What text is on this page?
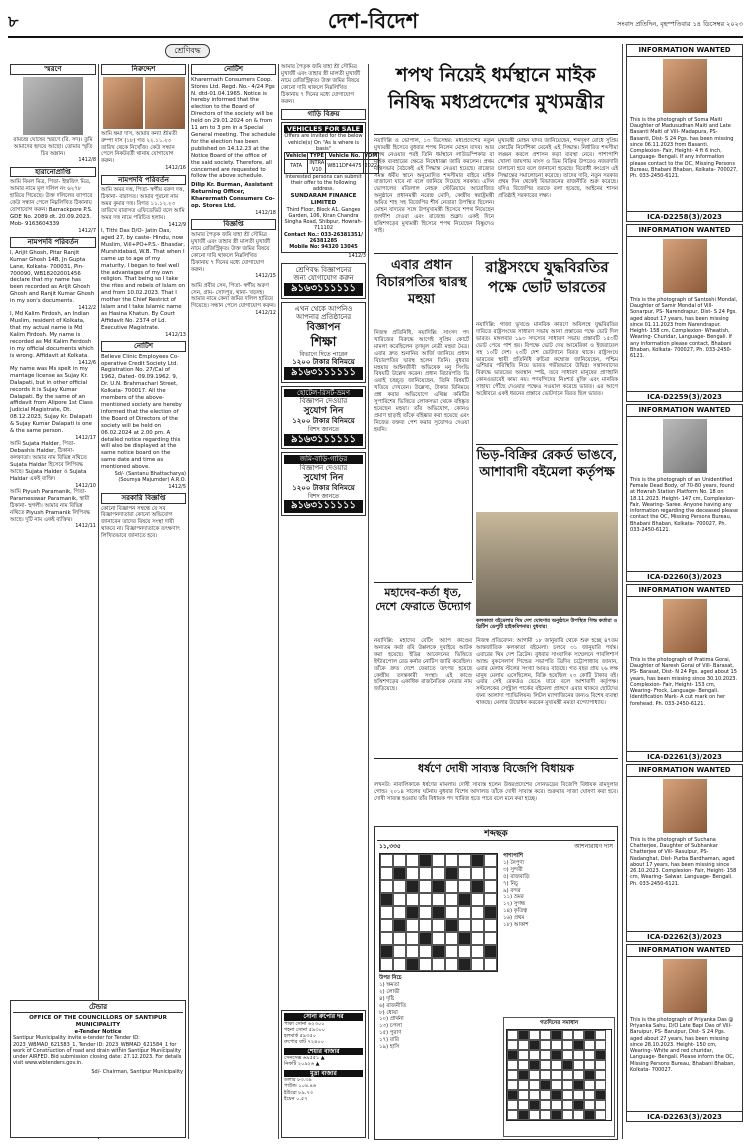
৮	দেশ-বিদেশ	সংবাদ প্রতিদিন, বৃহস্পতিবার ১৪ ডিসেম্বর ২০২৩
শ্রেণিবদ্ধ
স্মরণে
রামচন্দ্র ঘোষের স্মরণে (রি. সদ)। তুমি আমাদের হৃদয়ে আছো। তোমার স্মৃতি চির অম্লান।
1412/8
হারানোপ্রাপ্তি
আমি বিমল মিত্র, পিতা- ইন্দ্রজিৎ মিত্র, আমার নামে মূল দলিল নং ৬২৭৮ হারিয়ে গিয়েছে। উক্ত দলিলের ব্যাপারে কেউ সন্ধান পেলে নিম্নলিখিত ঠিকানায় যোগাযোগ করুন। Barrackpore P.S. GDE No. 2089 dt. 20.09.2023.
Mob- 9163604339
1412/7
নামপদবি পরিবর্তন
I, Arijit Ghosh, Pitar Ranjit Kumar Ghosh 14B, Jn Gupta Lane, Kolkata- 700031, Pin- 700090, WB18202001456 declare that my name has been recorded as Arijit Ghosh Ghosh and Ranjit Kumar Ghosh in my son's documents.
1412/2
I, Md Kalim Firdosh, an Indian Muslim, resident of Kolkata, that my actual name is Md Kalim Firdosh. My name is recorded as Md Kalim Ferdosh in my official documents which is wrong. Affidavit at Kolkata.
1412/6
My name was Ms spelt in my marriage license as Sujay Kr. Dalapati, but in other official records it is Sujay Kumar Dalapati. By the same of an affidavit from Alipore 1st Class Judicial Magistrate, Dt. 08.12.2023, Sujay Kr. Dalapati & Sujay Kumar Dalapati is one & the same person.
1412/17
আমি Sujata Halder, পিতা- Debashis Halder, ঠিকানা- কলকাতা। আমার নাম বিভিন্ন নথিতে Sujata Haldar হিসেবে লিপিবদ্ধ আছে। Sujata Halder ও Sujata Haldar একই ব্যক্তি।
1412/10
আমি Piyush Paramanik, পিতা- Paramesswar Paramanik, স্থায়ী ঠিকানা- হুগলী। আমার নাম বিভিন্ন নথিতে Piyush Pramanik লিপিবদ্ধ আছে। দুটি নাম একই ব্যক্তির।
1412/11
নিরুদ্দেশ
আমি ক্ষমা দাস, আমার কন্যা শ্রীমতী রুম্পা দাস (১৮) গত ২২.১১.২৩ তারিখ থেকে নিখোঁজ। কেউ সন্ধান পেলে নিকটবর্তী থানায় যোগাযোগ করুন।
1412/16
নামপদবি পরিবর্তন
আমি অমর দত্ত, পিতা- স্বর্গীয় বরুণ দত্ত, ঠিকানা- বারাসত। আমার পুরনো নাম অমর কুমার দত্ত। বিগত ১১.১২.২৩ তারিখে বারাসত এফিডেভিট বলে আমি অমর দত্ত নামে পরিচিত হলাম।
1412/9
I, Tithi Das D/O- Jatin Das, aged 27, by caste- Hindu, now Muslim, Vill+PO+P.S.- Bhasdar, Murshidabad, W.B. That when I came up to age of my maturity, I began to feel well the advantages of my own religion. That being so I take the rites and rebels of Islam on and from 10.02.2023. That I mother the Chief Restrict of Islam and I take Islamic name as Hasina Khatun. By Court Affidavit No. 2374 of Ld. Executive Magistrate.
1412/13
নোটিশ
Believe Clinic Employees Co-operative Credit Society Ltd. Registration No. 27/Cal of 1962, Dated- 09.09.1962. 9, Dr. U.N. Brahmachari Street, Kolkata- 700017. All the members of the above-mentioned society are hereby informed that the election of the Board of Directors of the society will be held on 06.02.2024 at 2.00 pm. A detailed notice regarding this will also be displayed at the same notice board on the same date and time as mentioned above.
Sd/- (Santanu Bhattacharya) (Soumya Majumder) A.R.O.
1412/5
সরকারি বিজ্ঞপ্তি
কোনো বিজ্ঞাপন সম্বন্ধে যে সব বিজ্ঞাপনদাতারা কোনো অভিযোগ জানাবেন তাদের বিষয়ে সংস্থা দায়ী থাকবে না। বিজ্ঞাপনদাতাকে তৎক্ষণাৎ লিখিতভাবে জানাতে হবে।
টেন্ডার
OFFICE OF THE COUNCILLORS OF SANTIPUR MUNICIPALITY
e-Tender Notice
Santipur Municipality invite e-tender for Tender ID: 2023_WBMAD_621583_1, Tender ID: 2023_WBMAD_621584_1 for work of Construction of road and drain within Santipur Municipality under AIRFED. Bid submission closing date: 27.12.2023. For details visit www.wbtenders.gov.in.
Sd/- Chairman, Santipur Municipality
নোটিশ
Kharermath Consumers Coop. Stores Ltd. Regd. No.- 4/24 Pgs N. dtd-01.04.1965. Notice is hereby informed that the election to the Board of Directors of the society will be held on 29.01.2024 on & from 11 am to 3 pm in a Special General meeting. The schedule for the election has been published on 14.12.23 at the Notice Board of the office of the said society. Therefore, all concerned are requested to follow the above schedule.
Dilip Kr. Burman, Assistant Returning Officer, Kharermath Consumers Co-op. Stores Ltd.
1412/18
বিজ্ঞপ্তি
আমার পৈতৃক জমি যাহা শ্রী সৌমিত্র মুখার্জী এবং তাহার স্ত্রী মালতী মুখার্জী নামে রেজিস্ট্রিকৃত। উক্ত জমির বিষয়ে কোনো দাবি থাকলে নিম্নলিখিত ঠিকানায় ৭ দিনের মধ্যে যোগাযোগ করুন।
1412/15
আমি প্রবীর সেন, পিতা- স্বর্গীয় অরুণ সেন, গ্রাম- সোদপুর, থানা- খড়দহ। আমার নামে কেনা জমির দলিল হারিয়ে গিয়েছে। সন্ধান পেলে যোগাযোগ করুন।
1412/12
আমার পৈতৃক জমি যাহা শ্রী সৌমিত্র মুখার্জী এবং তাহার স্ত্রী মালতী মুখার্জী নামে রেজিস্ট্রিকৃত। উক্ত জমির বিষয়ে কোনো দাবি থাকলে নিম্নলিখিত ঠিকানায় ৭ দিনের মধ্যে যোগাযোগ করুন।
গাড়ি বিক্রয়
VEHICLES FOR SALE
Offers are invited for the below vehicle(s) On "As is where is basis"
Vehicle	TYPE	Vehicle No.	YOM
TATA	INTRA V10	WB11DF4475	2022
Interested persons can submit their offer to the following address.
SUNDARAM FINANCE LIMITED
Third Floor, Block A1, Ganges Garden, 106, Kiran Chandra Singha Road, Shibpur, Howrah- 711102
Contact No.: 033-26381351/ 26381285
Mobile No: 94320 13045
1412/3
শ্রেণিবদ্ধ বিজ্ঞাপনের
জন্য যোগাযোগ করুন
৯১৬৩১১১১১১
এখন থেকে আপনিও
আপনার প্রতিষ্ঠানের
বিজ্ঞাপন
শিক্ষা
বিভাগে দিতে পারেন
১২০০ টাকার বিনিময়ে
৯১৬৩১১১১১১
হোটেল-রিসর্ট-ভ্রমণ
বিজ্ঞাপন দেওয়ার
সুযোগ নিন
১২০০ টাকার বিনিময়ে
বিশদ জানতে
৯১৬৩১১১১১১
জমি-বাড়ি-গাড়ির
বিজ্ঞাপন দেওয়ার
সুযোগ নিন
১২০০ টাকার বিনিময়ে
বিশদ জানতে
৯১৬৩১১১১১১
শপথ নিয়েই ধর্মস্থানে মাইক নিষিদ্ধ মধ্যপ্রদেশের মুখ্যমন্ত্রীর
নয়াদিল্লি ও ভোপাল, ১৩ ডিসেম্বর: মধ্যপ্রদেশের নতুন মুখ্যমন্ত্রী হিসেবে বুধবার শপথ নিলেন মোহন যাদব। আর শপথ নেওয়ার পরই তিনি ধর্মস্থানে লাউডস্পিকার বা মাইক ব্যবহারের ক্ষেত্রে নিষেধাজ্ঞা জারি করলেন। প্রথম মন্ত্রিসভার বৈঠকেই এই সিদ্ধান্ত নেওয়া হয়েছে। রাজ্যের সমস্ত ধর্মীয় স্থানে অনুমোদিত শব্দসীমার বাইরে মাইক বাজানো যাবে না বলে জানিয়ে দিয়েছে সরকার। এদিন ভোপালের মতিলাল নেহরু স্টেডিয়ামে আয়োজিত অনুষ্ঠানে প্রধানমন্ত্রী নরেন্দ্র মোদি, কেন্দ্রীয় স্বরাষ্ট্রমন্ত্রী অমিত শাহ সহ বিজেপির শীর্ষ নেতারা উপস্থিত ছিলেন। মোহন যাদবের সঙ্গে উপমুখ্যমন্ত্রী হিসেবে শপথ নিয়েছেন জগদীশ দেওরা এবং রাজেন্দ্র শুক্লা। একই দিনে ছত্তিশগড়ের মুখ্যমন্ত্রী হিসেবে শপথ নিয়েছেন বিষ্ণুদেও সাই।
মুখ্যমন্ত্রী মোহন যাদব জানিয়েছেন, শব্দদূষণ রোধে সুপ্রিম কোর্টের নির্দেশিকা মেনেই এই সিদ্ধান্ত। নির্ধারিত শব্দসীমা লঙ্ঘন করলে প্রশাসন কড়া ব্যবস্থা নেবে। পাশাপাশি খোলা জায়গায় মাংস ও ডিম বিক্রির উপরেও নজরদারি চালানো হবে বলে জানানো হয়েছে। বিরোধী কংগ্রেস এই সিদ্ধান্তের সমালোচনা করেছে। তাদের দাবি, নতুন সরকার প্রথম দিন থেকেই বিভাজনের রাজনীতি শুরু করেছে। যদিও বিজেপির তরফে বলা হয়েছে, আইনের শাসন প্রতিষ্ঠাই সরকারের লক্ষ্য।
এবার প্রধান বিচারপতির দ্বারস্থ মহুয়া
নিজস্ব প্রতিনিধি, নয়াদিল্লি: সাংসদ পদ খারিজের বিরুদ্ধে আগেই সুপ্রিম কোর্টে মামলা করেছিলেন তৃণমূল নেত্রী মহুয়া মৈত্র। এবার দ্রুত শুনানির আর্জি জানিয়ে প্রধান বিচারপতির দ্বারস্থ হলেন তিনি। বুধবার মহুয়ার আইনজীবী অভিষেক মনু সিংভি বিষয়টি উল্লেখ করেন। প্রধান বিচারপতি ডি ওয়াই চন্দ্রচূড় জানিয়েছেন, তিনি বিষয়টি খতিয়ে দেখবেন। উল্লেখ্য, টাকার বিনিময়ে প্রশ্ন করার অভিযোগে এথিক্স কমিটির সুপারিশের ভিত্তিতে লোকসভা থেকে বহিষ্কৃত হয়েছেন মহুয়া। তাঁর অভিযোগ, কোনও প্রমাণ ছাড়াই তাঁকে বহিষ্কার করা হয়েছে এবং নিজের বক্তব্য পেশ করার সুযোগও দেওয়া হয়নি।
রাষ্ট্রসংঘে যুদ্ধবিরতির পক্ষে ভোট ভারতের
নয়াদিল্লি: গাজা ভূখণ্ডে মানবিক কারণে অবিলম্বে যুদ্ধবিরতির দাবিতে রাষ্ট্রসংঘের সাধারণ সভায় আনা প্রস্তাবের পক্ষে ভোট দিল ভারত। মঙ্গলবার ১৯৩ সদস্যের সাধারণ সভায় প্রস্তাবটি ১৫৩টি ভোট পেয়ে পাশ হয়। বিপক্ষে ভোট দেয় আমেরিকা ও ইজরায়েল সহ ১০টি দেশ। ২৩টি দেশ ভোটদানে বিরত থাকে। রাষ্ট্রসংঘে ভারতের স্থায়ী প্রতিনিধি রুচিরা কম্বোজ জানিয়েছেন, পশ্চিম এশিয়ার পরিস্থিতি নিয়ে ভারত গভীরভাবে উদ্বিগ্ন। সন্ত্রাসবাদের বিরুদ্ধে ভারতের অবস্থান স্পষ্ট, তবে সাধারণ মানুষের প্রাণহানি কোনওভাবেই কাম্য নয়। পণবন্দিদের নিঃশর্ত মুক্তি এবং মানবিক সাহায্য পৌঁছে দেওয়ার পক্ষেও সওয়াল করেছে ভারত। এর আগে অক্টোবরে একই ধরনের প্রস্তাবে ভোটদানে বিরত ছিল ভারত।
ভিড়-বিক্রির রেকর্ড ভাঙবে, আশাবাদী বইমেলা কর্তৃপক্ষ
কলকাতা বইমেলার থিম দেশ ঘোষণার অনুষ্ঠানে উপস্থিত গিল্ড কর্তারা ও ব্রিটিশ ডেপুটি হাইকমিশনার। বুধবার।
নিজস্ব প্রতিবেদন: আগামী ১৮ জানুয়ারি থেকে শুরু হচ্ছে ৪৭তম আন্তর্জাতিক কলকাতা বইমেলা। চলবে ৩১ জানুয়ারি পর্যন্ত। এবারের থিম দেশ ব্রিটেন। বুধবার সাংবাদিক সম্মেলনে পাবলিশার্স অ্যান্ড বুকসেলার্স গিল্ডের সভাপতি ত্রিদিব চট্টোপাধ্যায় জানান, এবার মেলায় স্টলের সংখ্যা আরও বাড়ছে। গত বছর প্রায় ২৬ লক্ষ মানুষ মেলায় এসেছিলেন, বিক্রি হয়েছিল ২৩ কোটি টাকার বই। এবার সেই রেকর্ডও ভেঙে যাবে বলে আশাবাদী কর্তৃপক্ষ। সল্টলেকের সেন্ট্রাল পার্কের বইমেলা প্রাঙ্গণে এবার থাকবে ছোটদের জন্য আলাদা প্যাভিলিয়ন। লিটল ম্যাগাজিনের জন্যও বিশেষ ব্যবস্থা থাকছে। মেলার উদ্বোধন করবেন মুখ্যমন্ত্রী মমতা বন্দ্যোপাধ্যায়।
মহাদেব-কর্তা ধৃত, দেশে ফেরাতে উদ্যোগ
নয়াদিল্লি: মহাদেব বেটিং অ্যাপ কাণ্ডের অন্যতম কর্তা রবি উপ্পলকে দুবাইয়ে আটক করা হয়েছে। ইডির আবেদনের ভিত্তিতে ইন্টারপোল রেড কর্নার নোটিস জারি করেছিল। তাঁকে দ্রুত দেশে ফেরাতে তৎপর হয়েছে কেন্দ্রীয় তদন্তকারী সংস্থা। এই কাণ্ডে ছত্তিশগড়ের একাধিক রাজনৈতিক নেতার নাম জড়িয়েছে।
ধর্ষণে দোষী সাব্যস্ত বিজেপি বিধায়ক
লখনউ: নাবালিকাকে ধর্ষণের মামলায় দোষী সাব্যস্ত হলেন উত্তরপ্রদেশের সোনভদ্রের বিজেপি বিধায়ক রামদুলার গোন্ড। ২০১৪ সালের ঘটনায় বুধবার বিশেষ আদালত তাঁকে দোষী সাব্যস্ত করে। শুক্রবার সাজা ঘোষণা করা হবে। দোষী সাব্যস্ত হওয়ায় তাঁর বিধায়ক পদ খারিজ হতে পারে বলে মনে করা হচ্ছে।
শব্দছক
১১,৩৩৫	আশনারায়ণ দাস
পাশাপাশি
১) নৈপুণ্য
৩) সুন্দরী
৫) রাজবাড়ি
৭) নিচু
৯) বন্দর
১১) ভ্রমর
১২) সুগন্ধ
১৪) কৃতিত্ব
১৬) প্রথম
১৮) আকাশ
উপর নিচে
১) ক্ষমতা
২) লোভী
৪) দৃষ্টি
৬) রাজনীতি
৮) ধোয়া
১০) প্রার্থনা
১৩) চপলা
১৫) পুরাণ
১৭) বারি
১৯) হাসি
গতদিনের সমাধান
সোনা রুপোর দর
পাকা সোনা ৬২৩০০
গহনা সোনা ৫৯৩০০
হলমার্ক ৫৯৩৫০
রুপোর বাট ৭২৪০০
শেয়ার বাজার
সেনসেক্স ৬৯৫৫১ ▲
নিফটি ২০৯২৬ ▲
মুদ্রা বাজার
ডলার ৮৩.৩৯
পাউন্ড ১০৪.৪৬
ইউরো ৮৯.৭৩
ইয়েন ০.৫৭
INFORMATION WANTED
This is the photograph of Soma Maiti Daughter of Madusudhan Maiti and Late Basanti Maiti of Vill- Madapura, PS- Basanti, Dist- S 24 Pgs. has been missing since 06.11.2023 from Basanti. Complexion- Fair, Height- 4 ft 6 inch, Language- Bengali. If any information please contact to the OC, Missing Persons Bureau, Bhabani Bhaban, Kolkata- 700027, Ph. 033-2450-6121.
ICA-D2258(3)/2023
INFORMATION WANTED
This is the photograph of Santoshi Mondal, Daughter of Samir Mondal of Vill- Sonarpur, PS- Narendrapur, Dist- S 24 Pgs. aged about 17 years, has been missing since 01.11.2023 from Narendrapur. Height- 158 cm, Complexion- Wheatish, Wearing- Churidar, Language- Bengali. If any information please contact, Bhabani Bhaban, Kolkata- 700027, Ph. 033-2450-6121.
ICA-D2259(3)/2023
INFORMATION WANTED
This is the photograph of an Unidentified Female Dead Body, of 70-80 years, found at Howrah Station Platform No. 18 on 18.11.2023. Height- 147 cm, Complexion- Fair, Wearing- Saree. Anyone having any information regarding the deceased please contact the OC, Missing Persons Bureau, Bhabani Bhaban, Kolkata- 700027, Ph. 033-2450-6121.
ICA-D2260(3)/2023
INFORMATION WANTED
This is the photograph of Pratima Gorai, Daughter of Naresh Gorai of Vill- Barasat, PS- Barasat, Dist- N 24 Pgs. aged about 15 years, has been missing since 30.10.2023. Complexion- Fair, Height- 153 cm, Wearing- Frock, Language- Bengali. Identification Mark- A cut mark on her forehead. Ph. 033-2450-6121.
ICA-D2261(3)/2023
INFORMATION WANTED
This is the photograph of Suchana Chatterjee, Daughter of Subhankar Chatterjee of Vill- Rasulpur, PS- Nadanghat, Dist- Purba Bardhaman, aged about 17 years, has been missing since 26.10.2023. Complexion- Fair, Height- 158 cm, Wearing- Salwar. Language- Bengali. Ph. 033-2450-6121.
ICA-D2262(3)/2023
INFORMATION WANTED
This is the photograph of Priyanka Das @ Priyanka Sahu, D/O Late Bapi Das of Vill- Baruipur, PS- Baruipur, Dist- S 24 Pgs. aged about 27 years, has been missing since 28.10.2023. Height- 150 cm, Wearing- White and red churidar, Language- Bengali. Please inform the OC, Missing Persons Bureau, Bhabani Bhaban, Kolkata- 700027.
ICA-D2263(3)/2023
